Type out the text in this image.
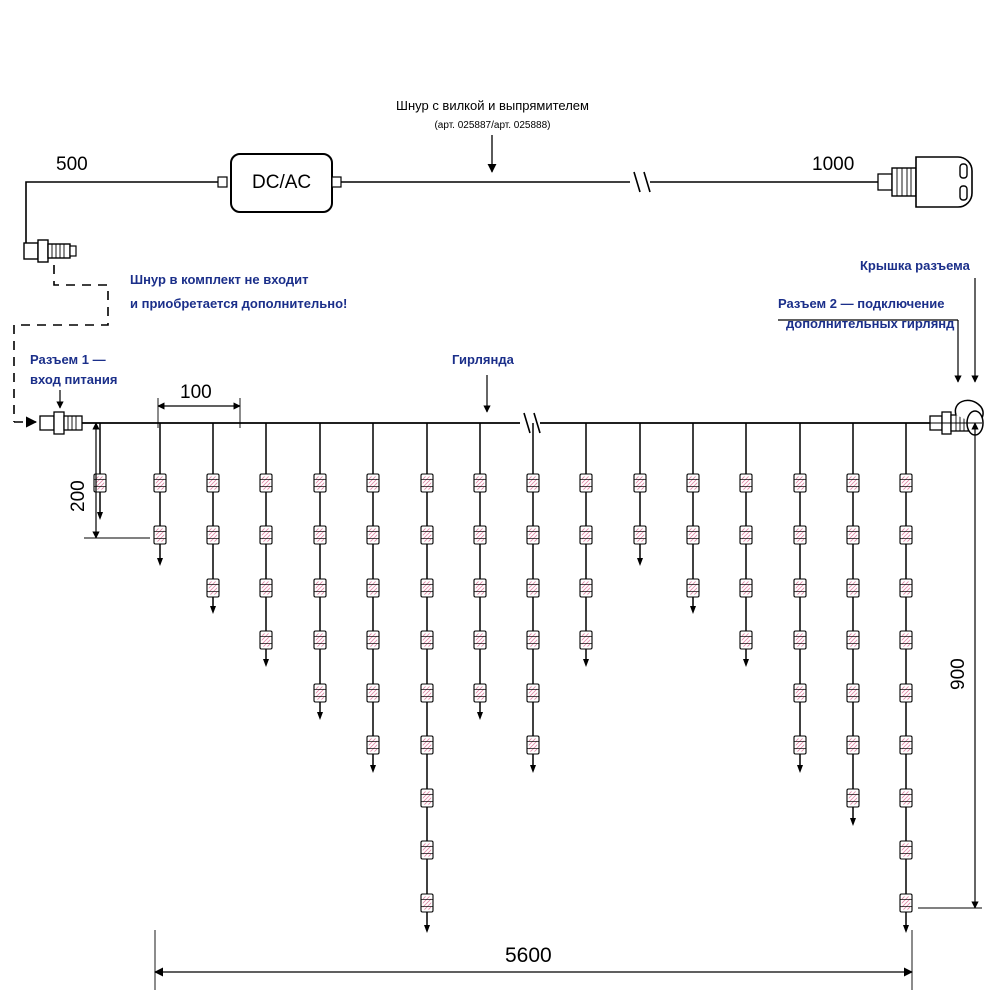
Шнур с вилкой и выпрямителем
(арт. 025887/арт. 025888)
DC/AC
500	1000
Шнур в комплект не входит
и приобретается дополнительно!
Разъем 1 —
вход питания
Гирлянда
Крышка разъема
Разъем 2 — подключение
дополнительных гирлянд
100
200
900
5600
